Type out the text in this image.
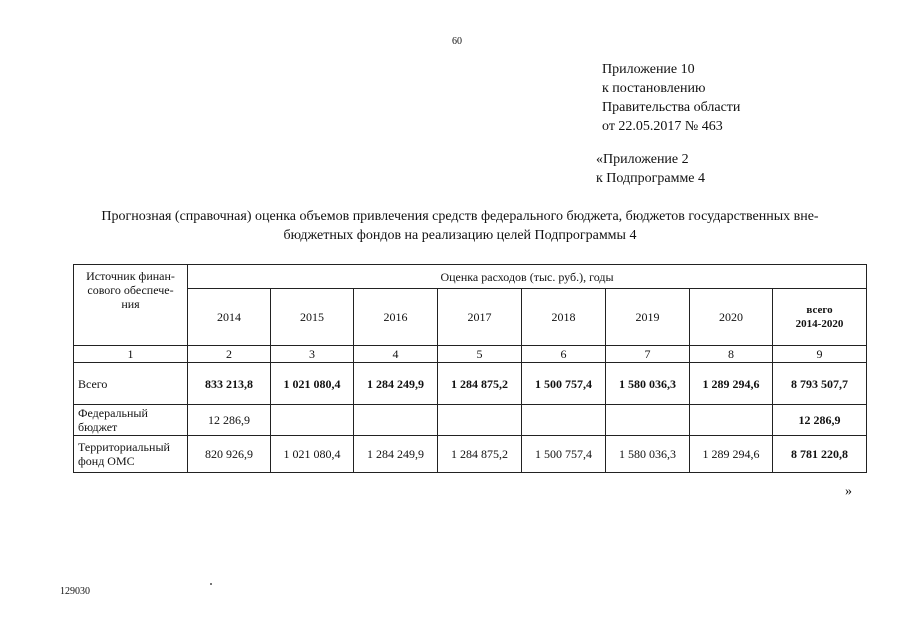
60
Приложение 10
к постановлению
Правительства области
от 22.05.2017 № 463
«Приложение 2
к Подпрограмме 4
Прогнозная (справочная) оценка объемов привлечения средств федерального бюджета, бюджетов государственных вне-
бюджетных фондов на реализацию целей Подпрограммы 4
Источник финан-
сового обеспече-
ния	Оценка расходов (тыс. руб.), годы							
	2014	2015	2016	2017	2018	2019	2020	всего
2014-2020

1	2	3	4	5	6	7	8	9
Всего	833 213,8	1 021 080,4	1 284 249,9	1 284 875,2	1 500 757,4	1 580 036,3	1 289 294,6	8 793 507,7
Федеральный бюджет	12 286,9							12 286,9
Территориальный фонд ОМС	820 926,9	1 021 080,4	1 284 249,9	1 284 875,2	1 500 757,4	1 580 036,3	1 289 294,6	8 781 220,8
»
129030
